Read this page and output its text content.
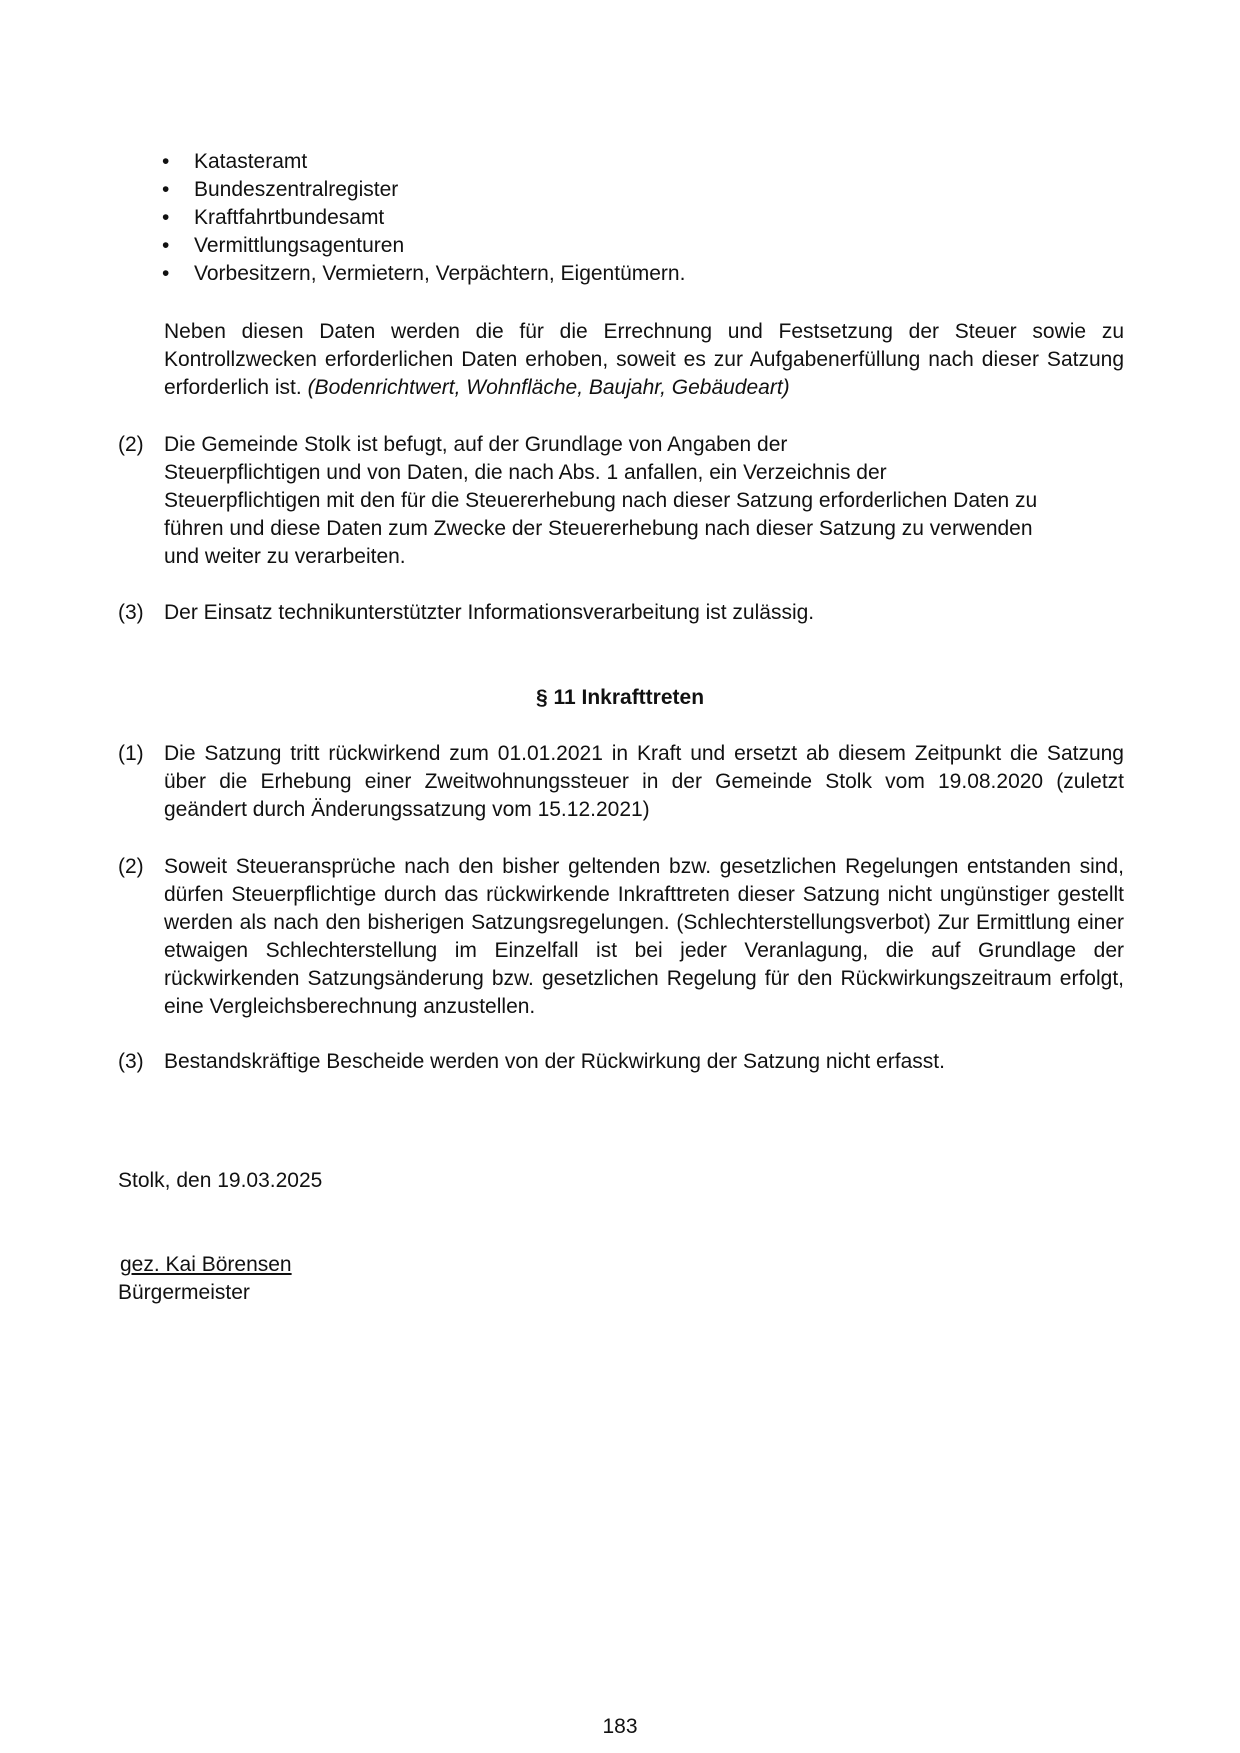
• Katasteramt
• Bundeszentralregister
• Kraftfahrtbundesamt
• Vermittlungsagenturen
• Vorbesitzern, Vermietern, Verpächtern, Eigentümern.
Neben diesen Daten werden die für die Errechnung und Festsetzung der Steuer sowie zu Kontrollzwecken erforderlichen Daten erhoben, soweit es zur Aufgabenerfüllung nach dieser Satzung erforderlich ist. (Bodenrichtwert, Wohnfläche, Baujahr, Gebäudeart)
(2) Die Gemeinde Stolk ist befugt, auf der Grundlage von Angaben der
Steuerpflichtigen und von Daten, die nach Abs. 1 anfallen, ein Verzeichnis der
Steuerpflichtigen mit den für die Steuererhebung nach dieser Satzung erforderlichen Daten zu
führen und diese Daten zum Zwecke der Steuererhebung nach dieser Satzung zu verwenden
und weiter zu verarbeiten.
(3) Der Einsatz technikunterstützter Informationsverarbeitung ist zulässig.
§ 11 Inkrafttreten
(1) Die Satzung tritt rückwirkend zum 01.01.2021 in Kraft und ersetzt ab diesem Zeitpunkt die Satzung über die Erhebung einer Zweitwohnungssteuer in der Gemeinde Stolk vom 19.08.2020 (zuletzt geändert durch Änderungssatzung vom 15.12.2021)
(2) Soweit Steueransprüche nach den bisher geltenden bzw. gesetzlichen Regelungen entstanden sind, dürfen Steuerpflichtige durch das rückwirkende Inkrafttreten dieser Satzung nicht ungünstiger gestellt werden als nach den bisherigen Satzungsregelungen. (Schlechterstellungsverbot) Zur Ermittlung einer etwaigen Schlechterstellung im Einzelfall ist bei jeder Veranlagung, die auf Grundlage der rückwirkenden Satzungsänderung bzw. gesetzlichen Regelung für den Rückwirkungszeitraum erfolgt, eine Vergleichsberechnung anzustellen.
(3) Bestandskräftige Bescheide werden von der Rückwirkung der Satzung nicht erfasst.
Stolk, den 19.03.2025
gez. Kai Börensen
Bürgermeister
183
